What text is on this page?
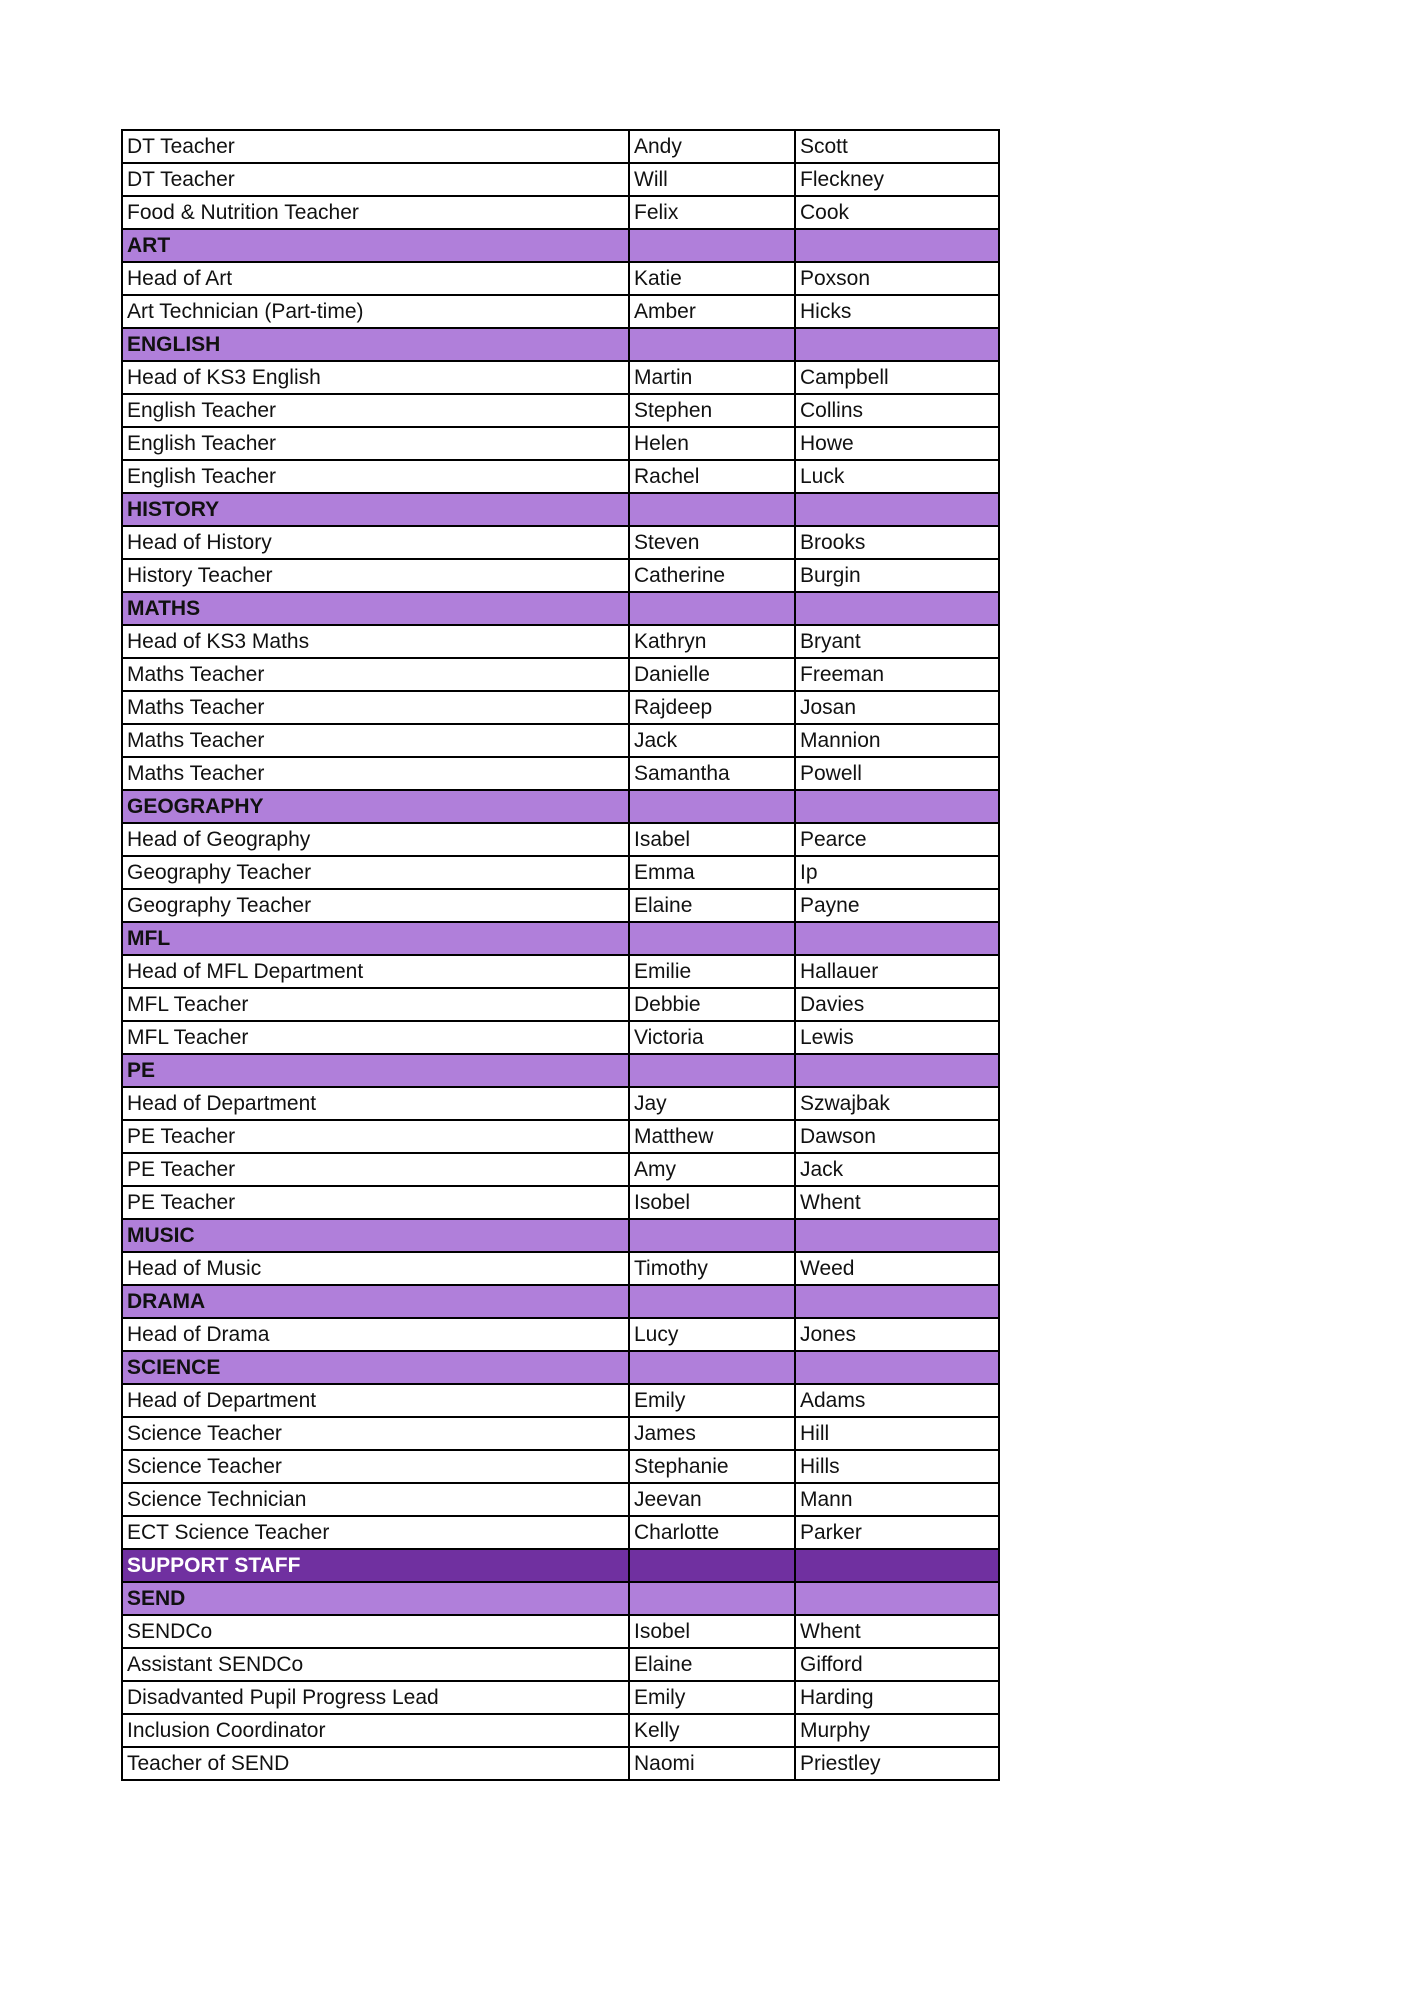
DT Teacher	Andy	Scott
DT Teacher	Will	Fleckney
Food & Nutrition Teacher	Felix	Cook
ART		
Head of Art	Katie	Poxson
Art Technician (Part-time)	Amber	Hicks
ENGLISH		
Head of KS3 English	Martin	Campbell
English Teacher	Stephen	Collins
English Teacher	Helen	Howe
English Teacher	Rachel	Luck
HISTORY		
Head of History	Steven	Brooks
History Teacher	Catherine	Burgin
MATHS		
Head of KS3 Maths	Kathryn	Bryant
Maths Teacher	Danielle	Freeman
Maths Teacher	Rajdeep	Josan
Maths Teacher	Jack	Mannion
Maths Teacher	Samantha	Powell
GEOGRAPHY		
Head of Geography	Isabel	Pearce
Geography Teacher	Emma	Ip
Geography Teacher	Elaine	Payne
MFL		
Head of MFL Department	Emilie	Hallauer
MFL Teacher	Debbie	Davies
MFL Teacher	Victoria	Lewis
PE		
Head of Department	Jay	Szwajbak
PE Teacher	Matthew	Dawson
PE Teacher	Amy	Jack
PE Teacher	Isobel	Whent
MUSIC		
Head of Music	Timothy	Weed
DRAMA		
Head of Drama	Lucy	Jones
SCIENCE		
Head of Department	Emily	Adams
Science Teacher	James	Hill
Science Teacher	Stephanie	Hills
Science Technician	Jeevan	Mann
ECT Science Teacher	Charlotte	Parker
SUPPORT STAFF		
SEND		
SENDCo	Isobel	Whent
Assistant SENDCo	Elaine	Gifford
Disadvanted Pupil Progress Lead	Emily	Harding
Inclusion Coordinator	Kelly	Murphy
Teacher of SEND	Naomi	Priestley
